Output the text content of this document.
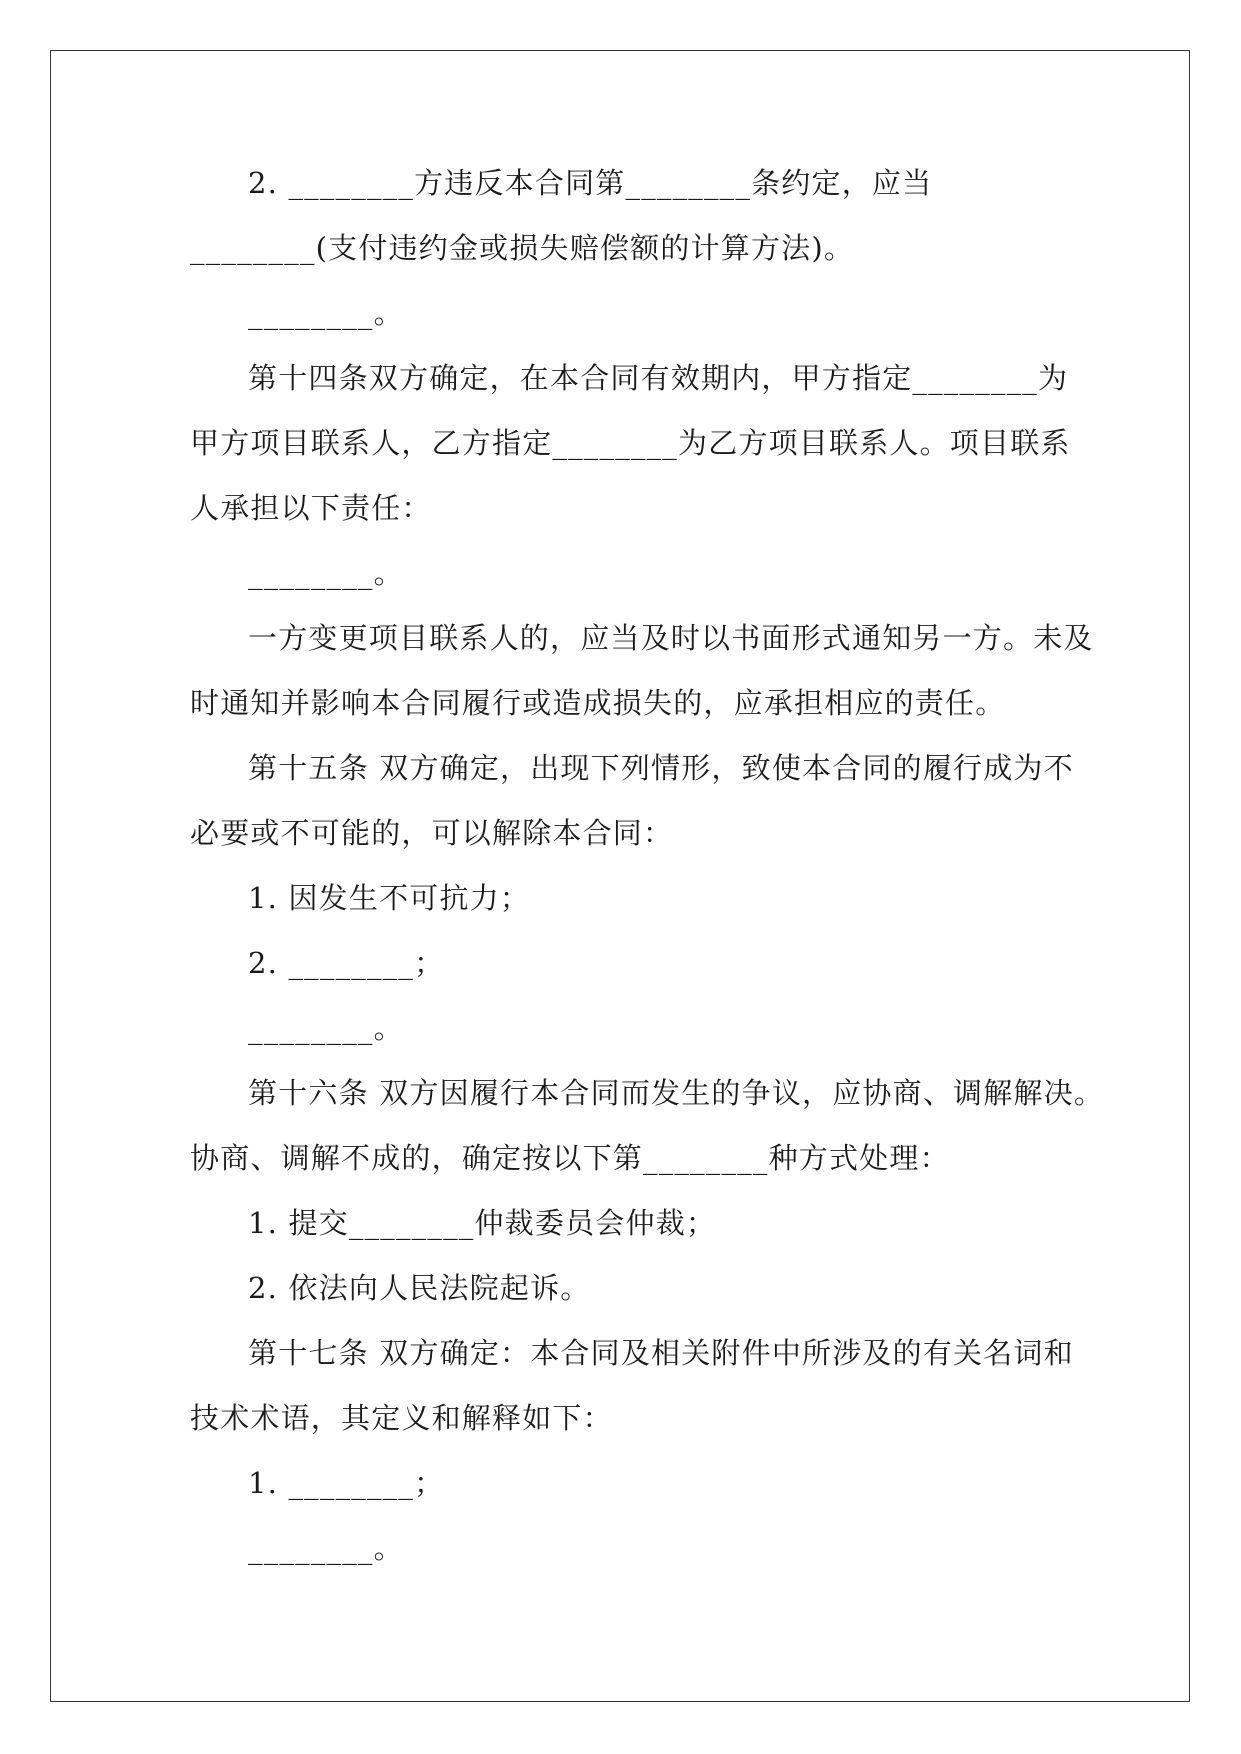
2. ________方违反本合同第________条约定，应当
________(支付违约金或损失赔偿额的计算方法)。
________。
第十四条双方确定，在本合同有效期内，甲方指定________为
甲方项目联系人，乙方指定________为乙方项目联系人。项目联系
人承担以下责任：
________。
一方变更项目联系人的，应当及时以书面形式通知另一方。未及
时通知并影响本合同履行或造成损失的，应承担相应的责任。
第十五条 双方确定，出现下列情形，致使本合同的履行成为不
必要或不可能的，可以解除本合同：
1. 因发生不可抗力；
2. ________；
________。
第十六条 双方因履行本合同而发生的争议，应协商、调解解决。
协商、调解不成的，确定按以下第________种方式处理：
1. 提交________仲裁委员会仲裁；
2. 依法向人民法院起诉。
第十七条 双方确定：本合同及相关附件中所涉及的有关名词和
技术术语，其定义和解释如下：
1. ________；
________。
